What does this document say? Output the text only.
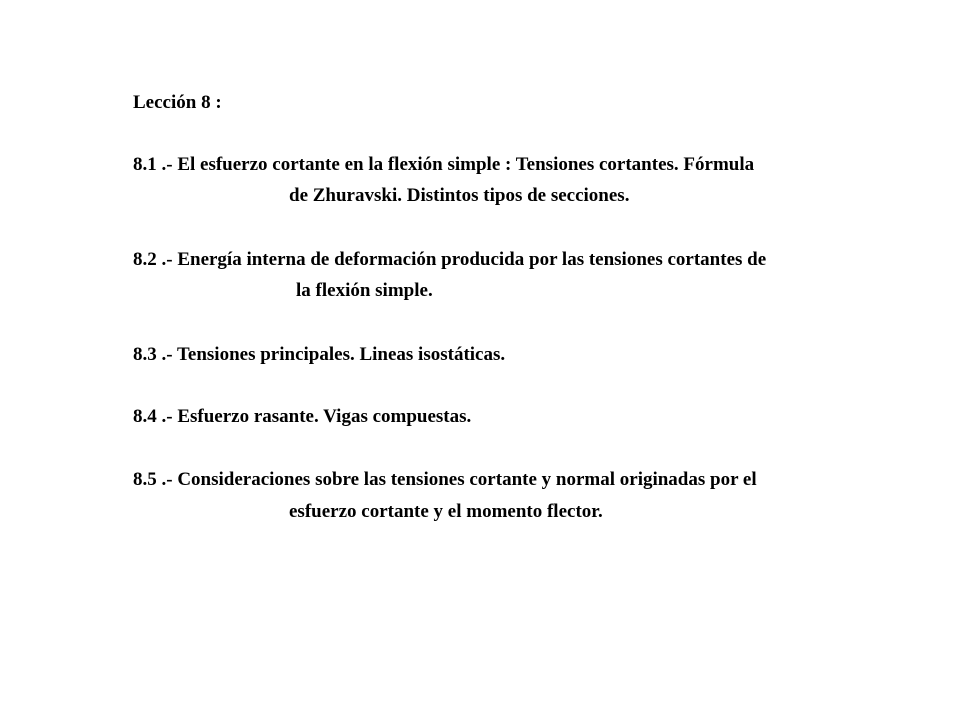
Lección 8 :
8.1 .- El esfuerzo cortante en la flexión simple : Tensiones cortantes. Fórmula
de Zhuravski. Distintos tipos de secciones.
8.2 .- Energía interna de deformación producida por las tensiones cortantes de
la flexión simple.
8.3 .- Tensiones principales. Lineas isostáticas.
8.4 .- Esfuerzo rasante. Vigas compuestas.
8.5 .- Consideraciones sobre las tensiones cortante y normal originadas por el
esfuerzo cortante y el momento flector.
